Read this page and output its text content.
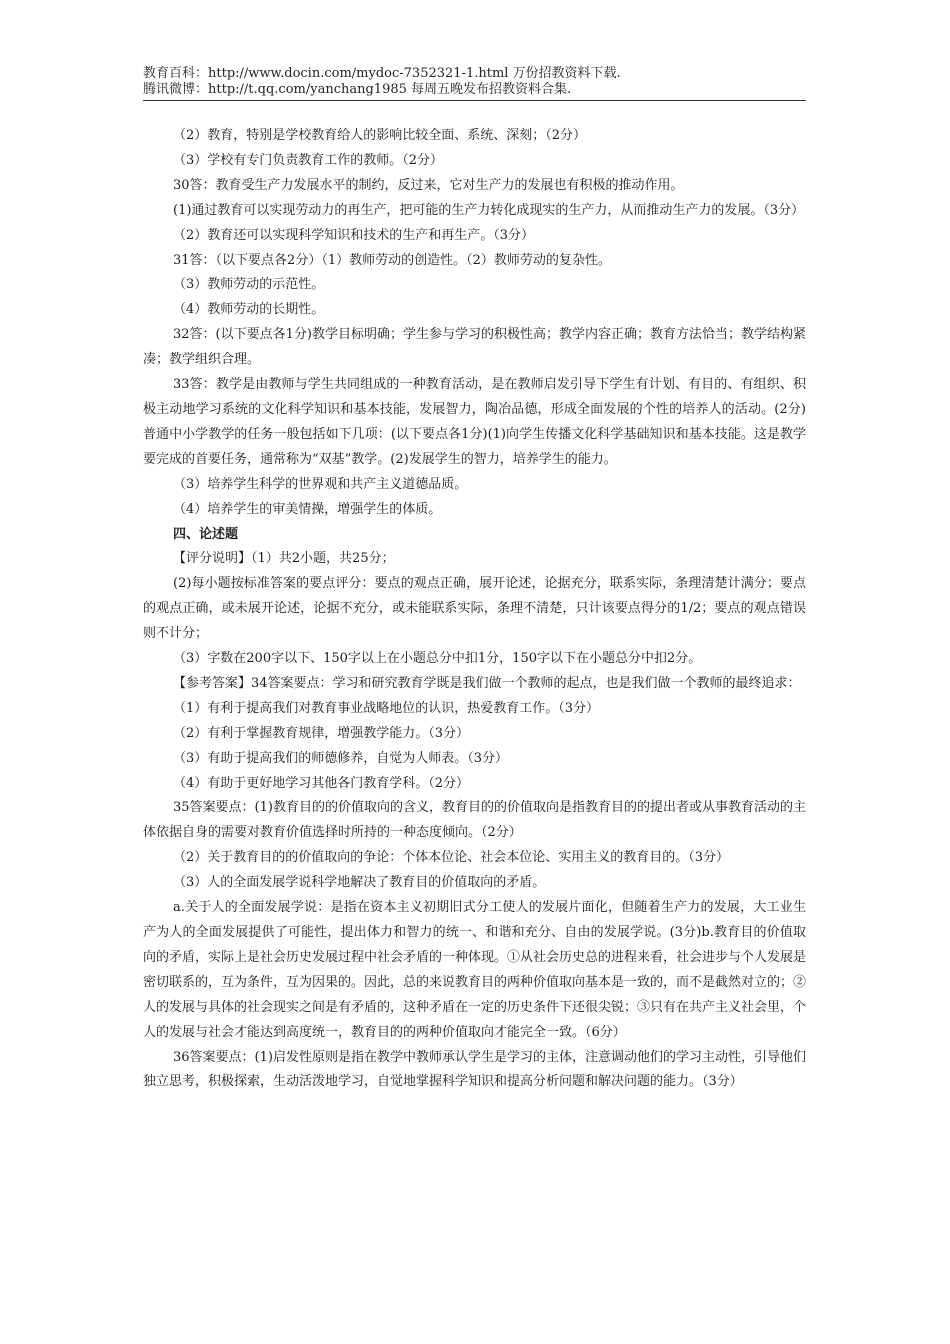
教育百科：http://www.docin.com/mydoc-7352321-1.html 万份招教资料下载.
腾讯微博：http://t.qq.com/yanchang1985 每周五晚发布招教资料合集.

（2）教育，特别是学校教育给人的影响比较全面、系统、深刻；（2分）

（3）学校有专门负责教育工作的教师。（2分）

30答：教育受生产力发展水平的制约，反过来，它对生产力的发展也有积极的推动作用。

(1)通过教育可以实现劳动力的再生产，把可能的生产力转化成现实的生产力，从而推动生产力的发展。（3分）

（2）教育还可以实现科学知识和技术的生产和再生产。（3分）

31答：（以下要点各2分）（1）教师劳动的创造性。（2）教师劳动的复杂性。

（3）教师劳动的示范性。

（4）教师劳动的长期性。

32答：(以下要点各1分)教学目标明确；学生参与学习的积极性高；教学内容正确；教育方法恰当；教学结构紧凑；教学组织合理。

33答：教学是由教师与学生共同组成的一种教育活动，是在教师启发引导下学生有计划、有目的、有组织、积极主动地学习系统的文化科学知识和基本技能，发展智力，陶冶品德，形成全面发展的个性的培养人的活动。(2分)普通中小学教学的任务一般包括如下几项：(以下要点各1分)(1)向学生传播文化科学基础知识和基本技能。这是教学要完成的首要任务，通常称为“双基”教学。(2)发展学生的智力，培养学生的能力。

（3）培养学生科学的世界观和共产主义道德品质。

（4）培养学生的审美情操，增强学生的体质。

四、论述题

【评分说明】（1）共2小题，共25分；

(2)每小题按标准答案的要点评分：要点的观点正确，展开论述，论据充分，联系实际，条理清楚计满分；要点的观点正确，或未展开论述，论据不充分，或未能联系实际，条理不清楚，只计该要点得分的1/2；要点的观点错误则不计分；

（3）字数在200字以下、150字以上在小题总分中扣1分，150字以下在小题总分中扣2分。

【参考答案】34答案要点：学习和研究教育学既是我们做一个教师的起点，也是我们做一个教师的最终追求：

（1）有利于提高我们对教育事业战略地位的认识，热爱教育工作。（3分）

（2）有利于掌握教育规律，增强教学能力。（3分）

（3）有助于提高我们的师德修养，自觉为人师表。（3分）

（4）有助于更好地学习其他各门教育学科。（2分）

35答案要点：(1)教育目的的价值取向的含义，教育目的的价值取向是指教育目的的提出者或从事教育活动的主体依据自身的需要对教育价值选择时所持的一种态度倾向。（2分）

（2）关于教育目的的价值取向的争论：个体本位论、社会本位论、实用主义的教育目的。（3分）

（3）人的全面发展学说科学地解决了教育目的价值取向的矛盾。

a.关于人的全面发展学说：是指在资本主义初期旧式分工使人的发展片面化，但随着生产力的发展，大工业生产为人的全面发展提供了可能性，提出体力和智力的统一、和谐和充分、自由的发展学说。(3分)b.教育目的价值取向的矛盾，实际上是社会历史发展过程中社会矛盾的一种体现。①从社会历史总的进程来看，社会进步与个人发展是密切联系的，互为条件，互为因果的。因此，总的来说教育目的两种价值取向基本是一致的，而不是截然对立的；②人的发展与具体的社会现实之间是有矛盾的，这种矛盾在一定的历史条件下还很尖锐；③只有在共产主义社会里，个人的发展与社会才能达到高度统一，教育目的的两种价值取向才能完全一致。（6分）

36答案要点：(1)启发性原则是指在教学中教师承认学生是学习的主体，注意调动他们的学习主动性，引导他们独立思考，积极探索，生动活泼地学习，自觉地掌握科学知识和提高分析问题和解决问题的能力。（3分）
